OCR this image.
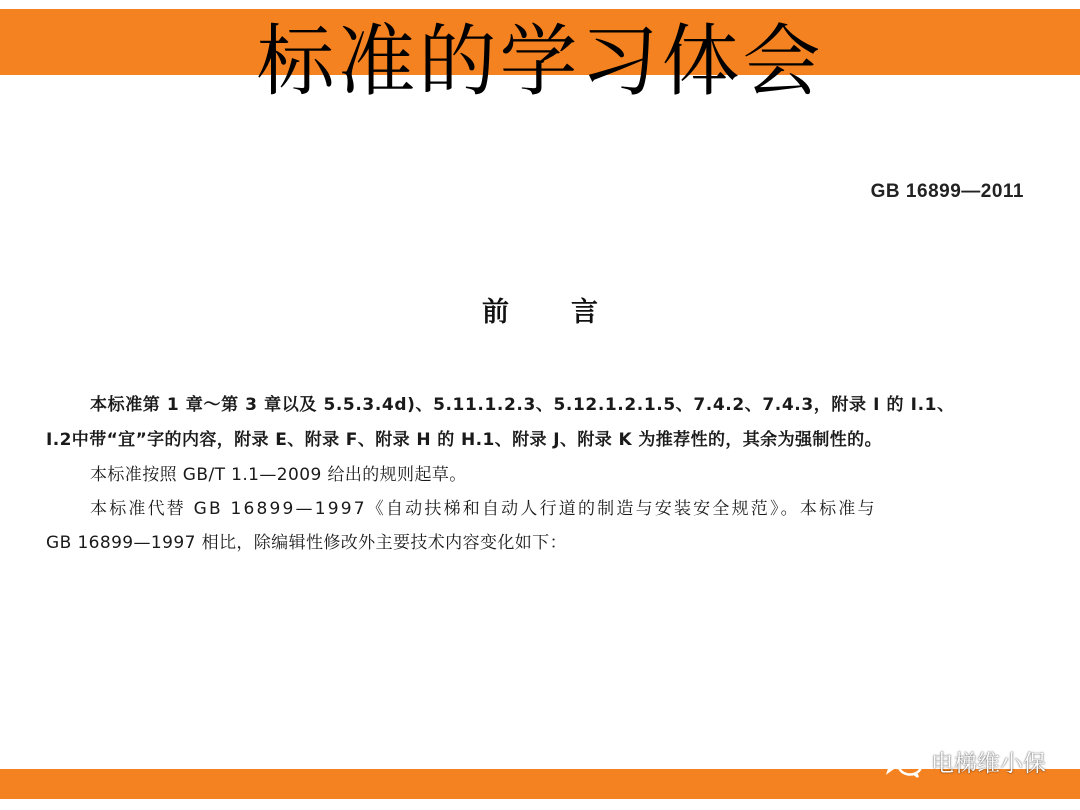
标准的学习体会
GB 16899—2011
前 言
本标准第 1 章～第 3 章以及 5.5.3.4d)、5.11.1.2.3、5.12.1.2.1.5、7.4.2、7.4.3，附录 I 的 I.1、
I.2中带“宜”字的内容，附录 E、附录 F、附录 H 的 H.1、附录 J、附录 K 为推荐性的，其余为强制性的。
本标准按照 GB/T 1.1—2009 给出的规则起草。
本标准代替 GB 16899—1997《自动扶梯和自动人行道的制造与安装安全规范》。本标准与
GB 16899—1997 相比，除编辑性修改外主要技术内容变化如下：
电梯维小保
